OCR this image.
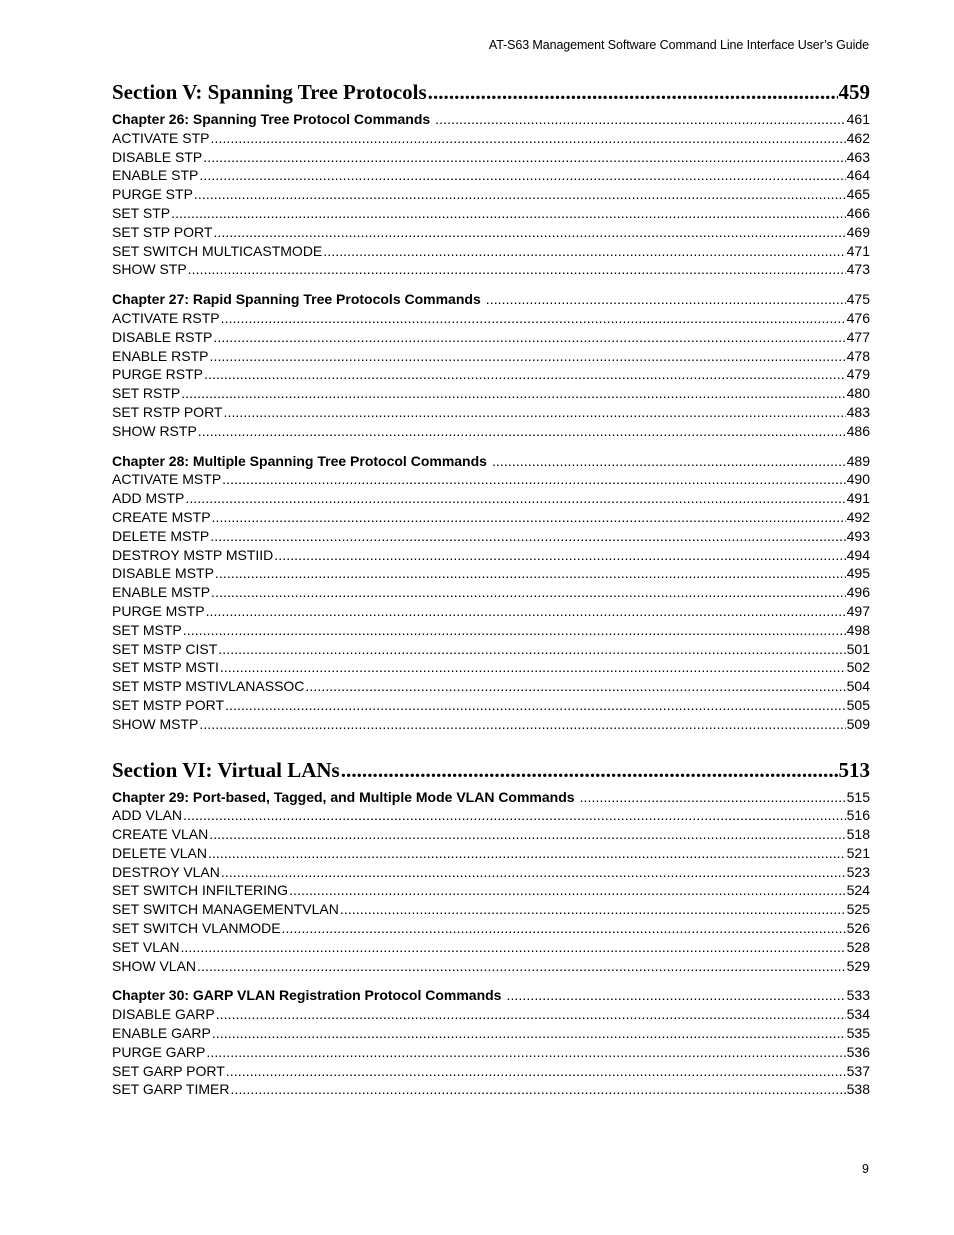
AT-S63 Management Software Command Line Interface User’s Guide
Section V: Spanning Tree Protocols . . .	459
Chapter 26: Spanning Tree Protocol Commands . . .	461
ACTIVATE STP . . .	462
DISABLE STP . . .	463
ENABLE STP . . .	464
PURGE STP . . .	465
SET STP . . .	466
SET STP PORT . . .	469
SET SWITCH MULTICASTMODE . . .	471
SHOW STP . . .	473
Chapter 27: Rapid Spanning Tree Protocols Commands . . .	475
ACTIVATE RSTP . . .	476
DISABLE RSTP . . .	477
ENABLE RSTP . . .	478
PURGE RSTP . . .	479
SET RSTP . . .	480
SET RSTP PORT . . .	483
SHOW RSTP . . .	486
Chapter 28: Multiple Spanning Tree Protocol Commands . . .	489
ACTIVATE MSTP . . .	490
ADD MSTP . . .	491
CREATE MSTP . . .	492
DELETE MSTP . . .	493
DESTROY MSTP MSTIID . . .	494
DISABLE MSTP . . .	495
ENABLE MSTP . . .	496
PURGE MSTP . . .	497
SET MSTP . . .	498
SET MSTP CIST . . .	501
SET MSTP MSTI . . .	502
SET MSTP MSTIVLANASSOC . . .	504
SET MSTP PORT . . .	505
SHOW MSTP . . .	509
Section VI: Virtual LANs . . .	513
Chapter 29: Port-based, Tagged, and Multiple Mode VLAN Commands . . .	515
ADD VLAN . . .	516
CREATE VLAN . . .	518
DELETE VLAN . . .	521
DESTROY VLAN . . .	523
SET SWITCH INFILTERING . . .	524
SET SWITCH MANAGEMENTVLAN . . .	525
SET SWITCH VLANMODE . . .	526
SET VLAN . . .	528
SHOW VLAN . . .	529
Chapter 30: GARP VLAN Registration Protocol Commands . . .	533
DISABLE GARP . . .	534
ENABLE GARP . . .	535
PURGE GARP . . .	536
SET GARP PORT . . .	537
SET GARP TIMER . . .	538
9
